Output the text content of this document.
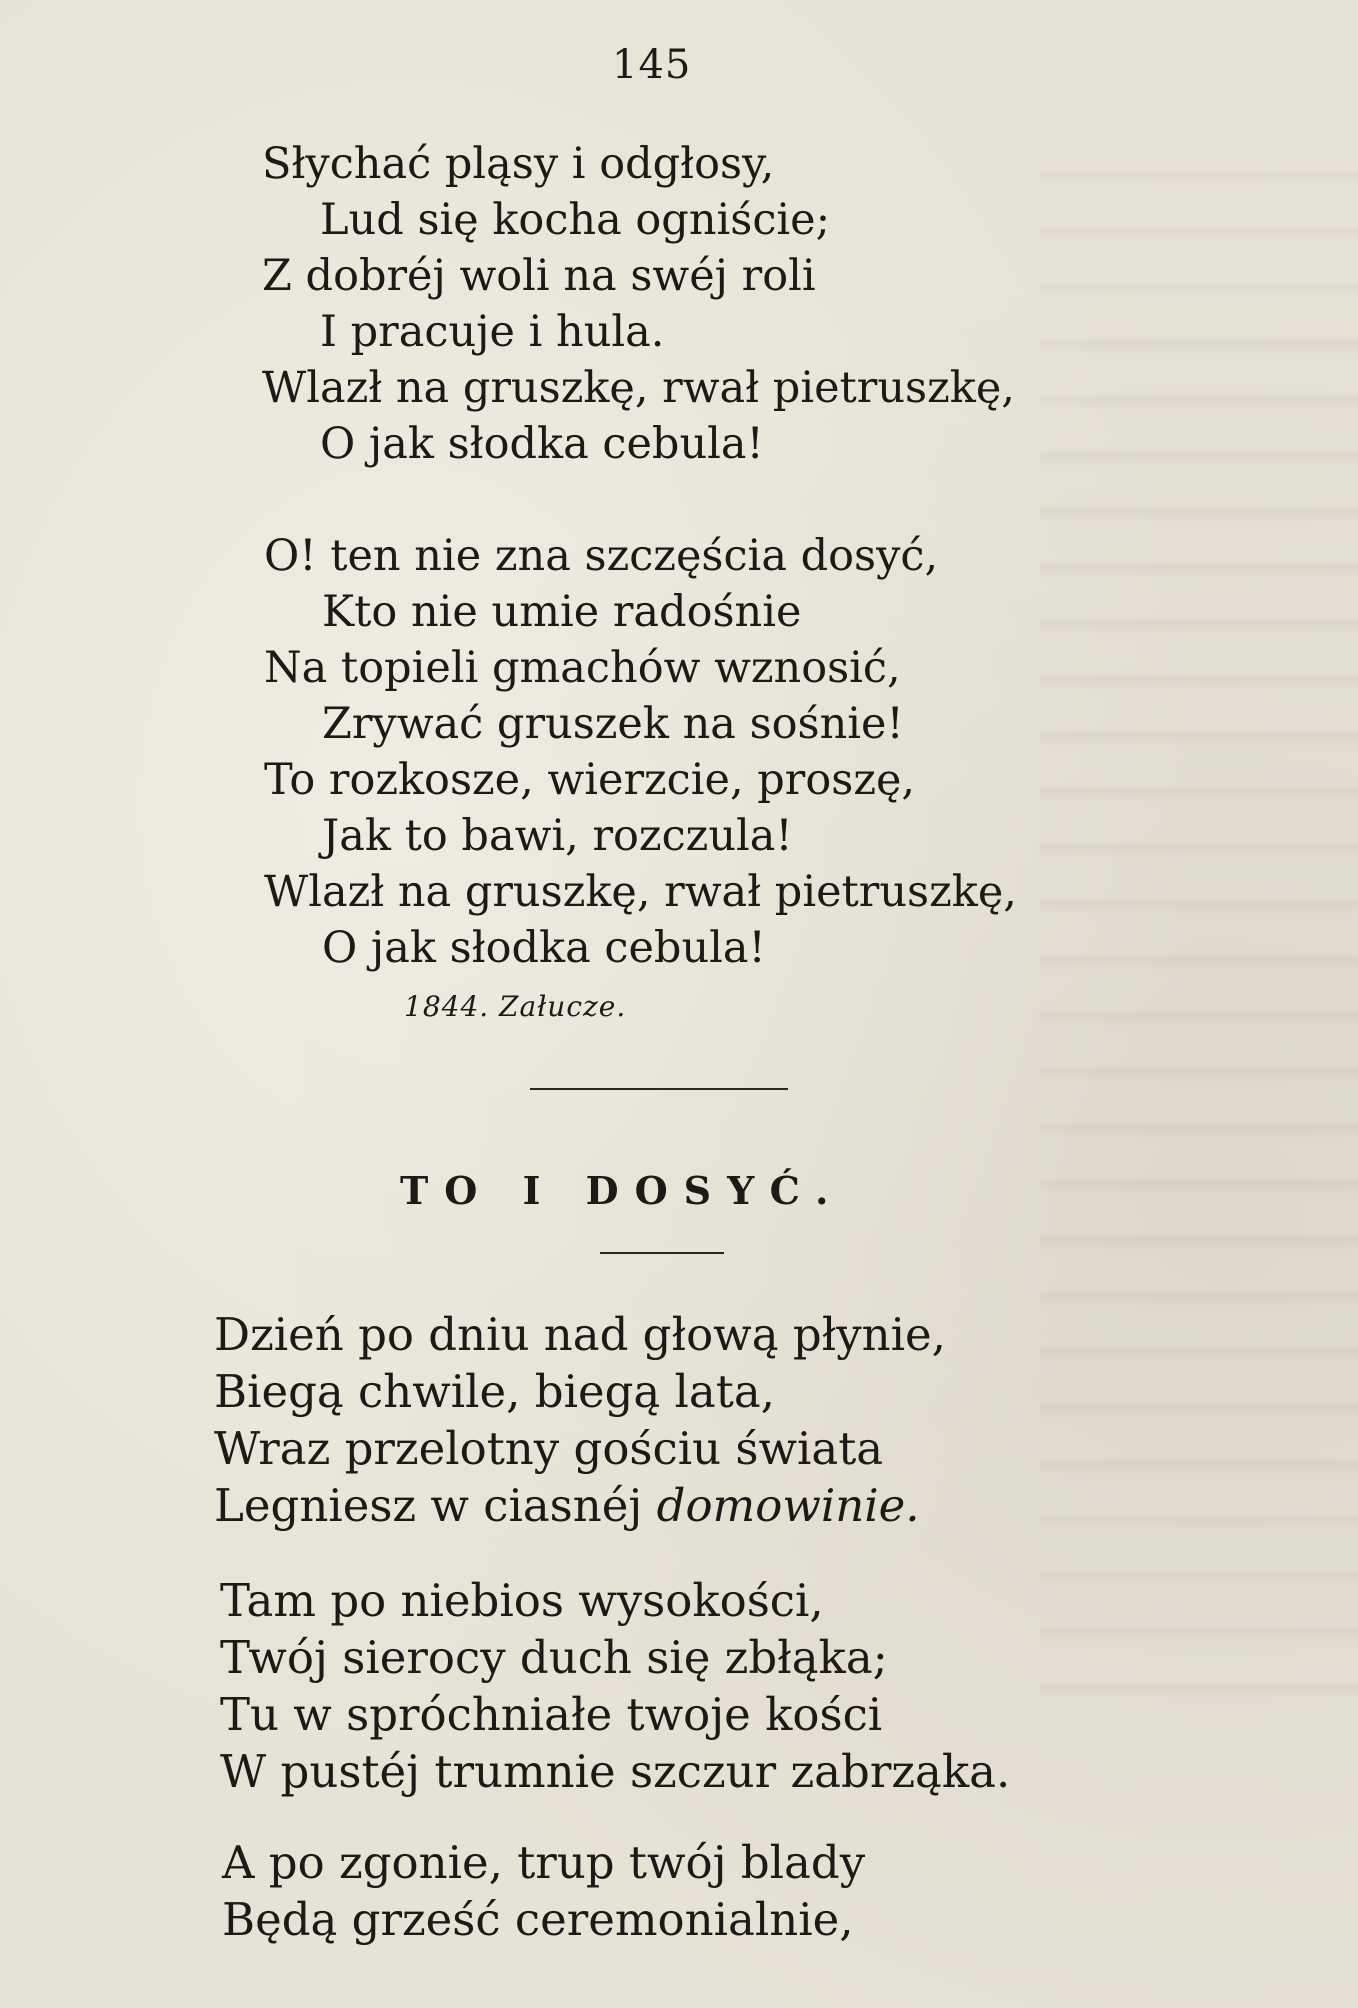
145
Słychać pląsy i odgłosy,
Lud się kocha ogniście;
Z dobréj woli na swéj roli
I pracuje i hula.
Wlazł na gruszkę, rwał pietruszkę,
O jak słodka cebula!
O! ten nie zna szczęścia dosyć,
Kto nie umie radośnie
Na topieli gmachów wznosić,
Zrywać gruszek na sośnie!
To rozkosze, wierzcie, proszę,
Jak to bawi, rozczula!
Wlazł na gruszkę, rwał pietruszkę,
O jak słodka cebula!
1844. Załucze.
TO I DOSYĆ.
Dzień po dniu nad głową płynie,
Biegą chwile, biegą lata,
Wraz przelotny gościu świata
Legniesz w ciasnéj domowinie.
Tam po niebios wysokości,
Twój sierocy duch się zbłąka;
Tu w spróchniałe twoje kości
W pustéj trumnie szczur zabrząka.
A po zgonie, trup twój blady
Będą grześć ceremonialnie,
